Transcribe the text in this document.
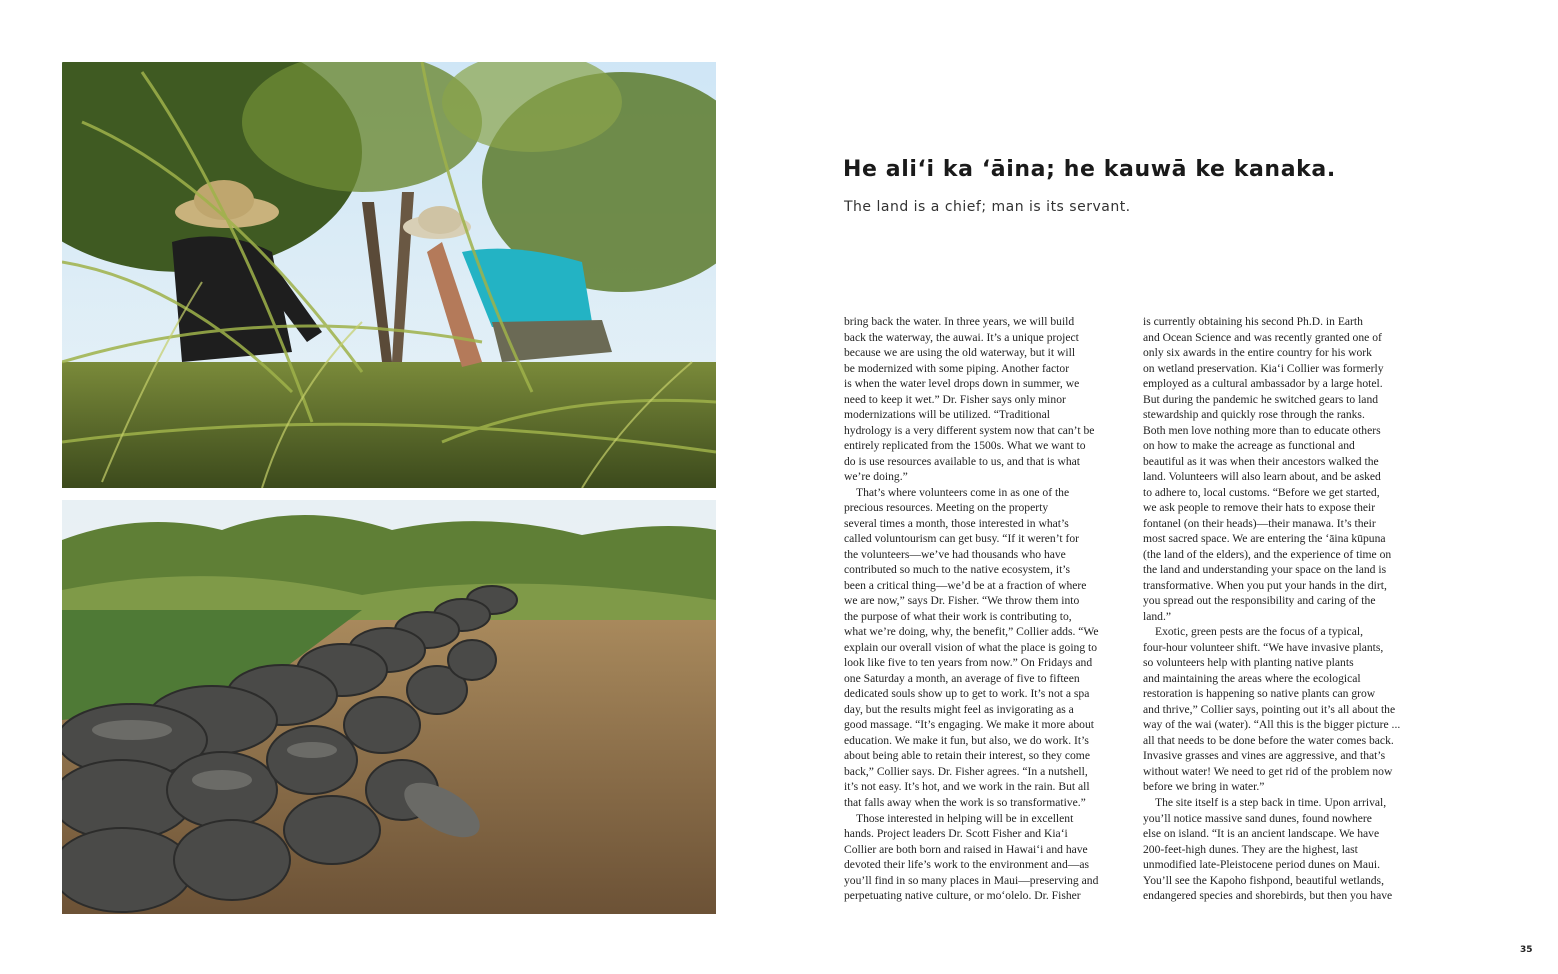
He ali‘i ka ‘āina; he kauwā ke kanaka.
The land is a chief; man is its servant.
bring back the water. In three years, we will build
back the waterway, the auwai. It’s a unique project
because we are using the old waterway, but it will
be modernized with some piping. Another factor
is when the water level drops down in summer, we
need to keep it wet.” Dr. Fisher says only minor
modernizations will be utilized. “Traditional
hydrology is a very different system now that can’t be
entirely replicated from the 1500s. What we want to
do is use resources available to us, and that is what
we’re doing.”
That’s where volunteers come in as one of the
precious resources. Meeting on the property
several times a month, those interested in what’s
called voluntourism can get busy. “If it weren’t for
the volunteers—we’ve had thousands who have
contributed so much to the native ecosystem, it’s
been a critical thing—we’d be at a fraction of where
we are now,” says Dr. Fisher. “We throw them into
the purpose of what their work is contributing to,
what we’re doing, why, the benefit,” Collier adds. “We
explain our overall vision of what the place is going to
look like five to ten years from now.” On Fridays and
one Saturday a month, an average of five to fifteen
dedicated souls show up to get to work. It’s not a spa
day, but the results might feel as invigorating as a
good massage. “It’s engaging. We make it more about
education. We make it fun, but also, we do work. It’s
about being able to retain their interest, so they come
back,” Collier says. Dr. Fisher agrees. “In a nutshell,
it’s not easy. It’s hot, and we work in the rain. But all
that falls away when the work is so transformative.”
Those interested in helping will be in excellent
hands. Project leaders Dr. Scott Fisher and Kia‘i
Collier are both born and raised in Hawai‘i and have
devoted their life’s work to the environment and—as
you’ll find in so many places in Maui—preserving and
perpetuating native culture, or mo‘olelo. Dr. Fisher
is currently obtaining his second Ph.D. in Earth
and Ocean Science and was recently granted one of
only six awards in the entire country for his work
on wetland preservation. Kia‘i Collier was formerly
employed as a cultural ambassador by a large hotel.
But during the pandemic he switched gears to land
stewardship and quickly rose through the ranks.
Both men love nothing more than to educate others
on how to make the acreage as functional and
beautiful as it was when their ancestors walked the
land. Volunteers will also learn about, and be asked
to adhere to, local customs. “Before we get started,
we ask people to remove their hats to expose their
fontanel (on their heads)—their manawa. It’s their
most sacred space. We are entering the ‘āina kūpuna
(the land of the elders), and the experience of time on
the land and understanding your space on the land is
transformative. When you put your hands in the dirt,
you spread out the responsibility and caring of the
land.”
Exotic, green pests are the focus of a typical,
four-hour volunteer shift. “We have invasive plants,
so volunteers help with planting native plants
and maintaining the areas where the ecological
restoration is happening so native plants can grow
and thrive,” Collier says, pointing out it’s all about the
way of the wai (water). “All this is the bigger picture ...
all that needs to be done before the water comes back.
Invasive grasses and vines are aggressive, and that’s
without water! We need to get rid of the problem now
before we bring in water.”
The site itself is a step back in time. Upon arrival,
you’ll notice massive sand dunes, found nowhere
else on island. “It is an ancient landscape. We have
200-feet-high dunes. They are the highest, last
unmodified late-Pleistocene period dunes on Maui.
You’ll see the Kapoho fishpond, beautiful wetlands,
endangered species and shorebirds, but then you have
35
